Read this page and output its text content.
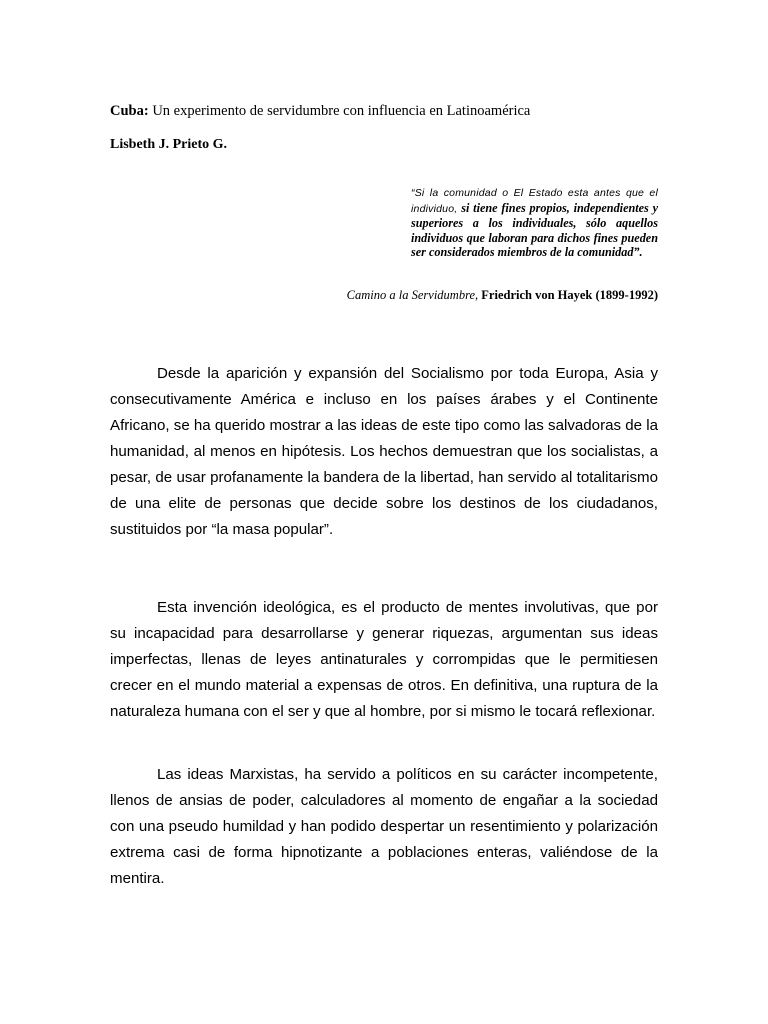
Cuba: Un experimento de servidumbre con influencia en Latinoamérica
Lisbeth J. Prieto G.
“Si la comunidad o El Estado esta antes que el individuo, si tiene fines propios, independientes y superiores a los individuales, sólo aquellos individuos que laboran para dichos fines pueden ser considerados miembros de la comunidad”.
Camino a la Servidumbre, Friedrich von Hayek (1899-1992)

Desde la aparición y expansión del Socialismo por toda Europa, Asia y consecutivamente América e incluso en los países árabes y el Continente Africano, se ha querido mostrar a las ideas de este tipo como las salvadoras de la humanidad, al menos en hipótesis. Los hechos demuestran que los socialistas, a pesar, de usar profanamente la bandera de la libertad, han servido al totalitarismo de una elite de personas que decide sobre los destinos de los ciudadanos, sustituidos por “la masa popular”.

Esta invención ideológica, es el producto de mentes involutivas, que por su incapacidad para desarrollarse y generar riquezas, argumentan sus ideas imperfectas, llenas de leyes antinaturales y corrompidas que le permitiesen crecer en el mundo material a expensas de otros. En definitiva, una ruptura de la naturaleza humana con el ser y que al hombre, por si mismo le tocará reflexionar.

Las ideas Marxistas, ha servido a políticos en su carácter incompetente, llenos de ansias de poder, calculadores al momento de engañar a la sociedad con una pseudo humildad y han podido despertar un resentimiento y polarización extrema casi de forma hipnotizante a poblaciones enteras, valiéndose de la mentira.
